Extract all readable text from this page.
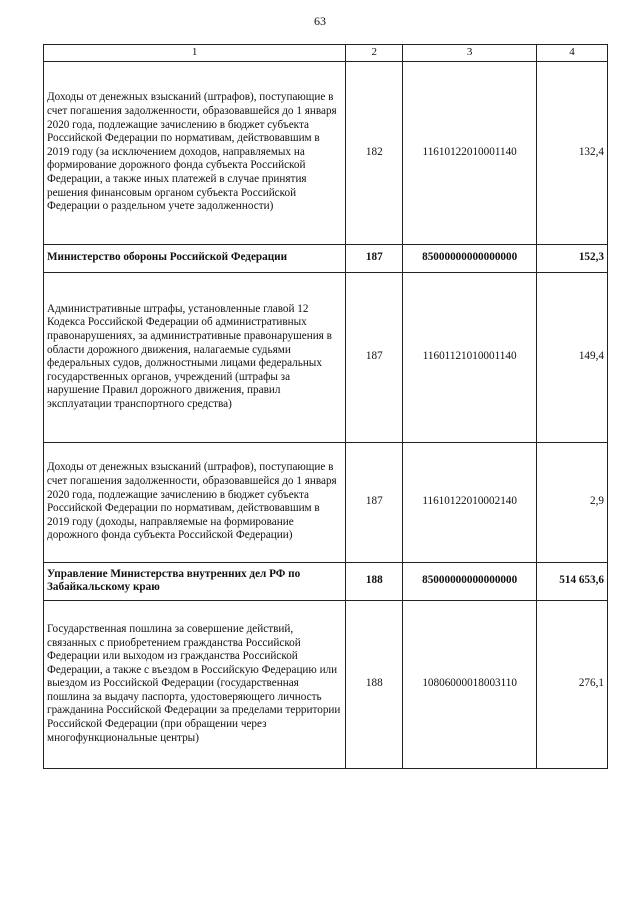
63
1	2	3	4
Доходы от денежных взысканий (штрафов), поступающие в счет погашения задолженности, образовавшейся до 1 января 2020 года, подлежащие зачислению в бюджет субъекта Российской Федерации по нормативам, действовавшим в 2019 году (за исключением доходов, направляемых на формирование дорожного фонда субъекта Российской Федерации, а также иных платежей в случае принятия решения финансовым органом субъекта Российской Федерации о раздельном учете задолженности)	182	11610122010001140	132,4
Министерство обороны Российской Федерации	187	85000000000000000	152,3
Административные штрафы, установленные главой 12 Кодекса Российской Федерации об административных правонарушениях, за административные правонарушения в области дорожного движения, налагаемые судьями федеральных судов, должностными лицами федеральных государственных органов, учреждений (штрафы за нарушение Правил дорожного движения, правил эксплуатации транспортного средства)	187	11601121010001140	149,4
Доходы от денежных взысканий (штрафов), поступающие в счет погашения задолженности, образовавшейся до 1 января 2020 года, подлежащие зачислению в бюджет субъекта Российской Федерации по нормативам, действовавшим в 2019 году (доходы, направляемые на формирование дорожного фонда субъекта Российской Федерации)	187	11610122010002140	2,9
Управление Министерства внутренних дел РФ по Забайкальскому краю	188	85000000000000000	514 653,6
Государственная пошлина за совершение действий, связанных с приобретением гражданства Российской Федерации или выходом из гражданства Российской Федерации, а также с въездом в Российскую Федерацию или выездом из Российской Федерации (государственная пошлина за выдачу паспорта, удостоверяющего личность гражданина Российской Федерации за пределами территории Российской Федерации (при обращении через многофункциональные центры)	188	10806000018003110	276,1
